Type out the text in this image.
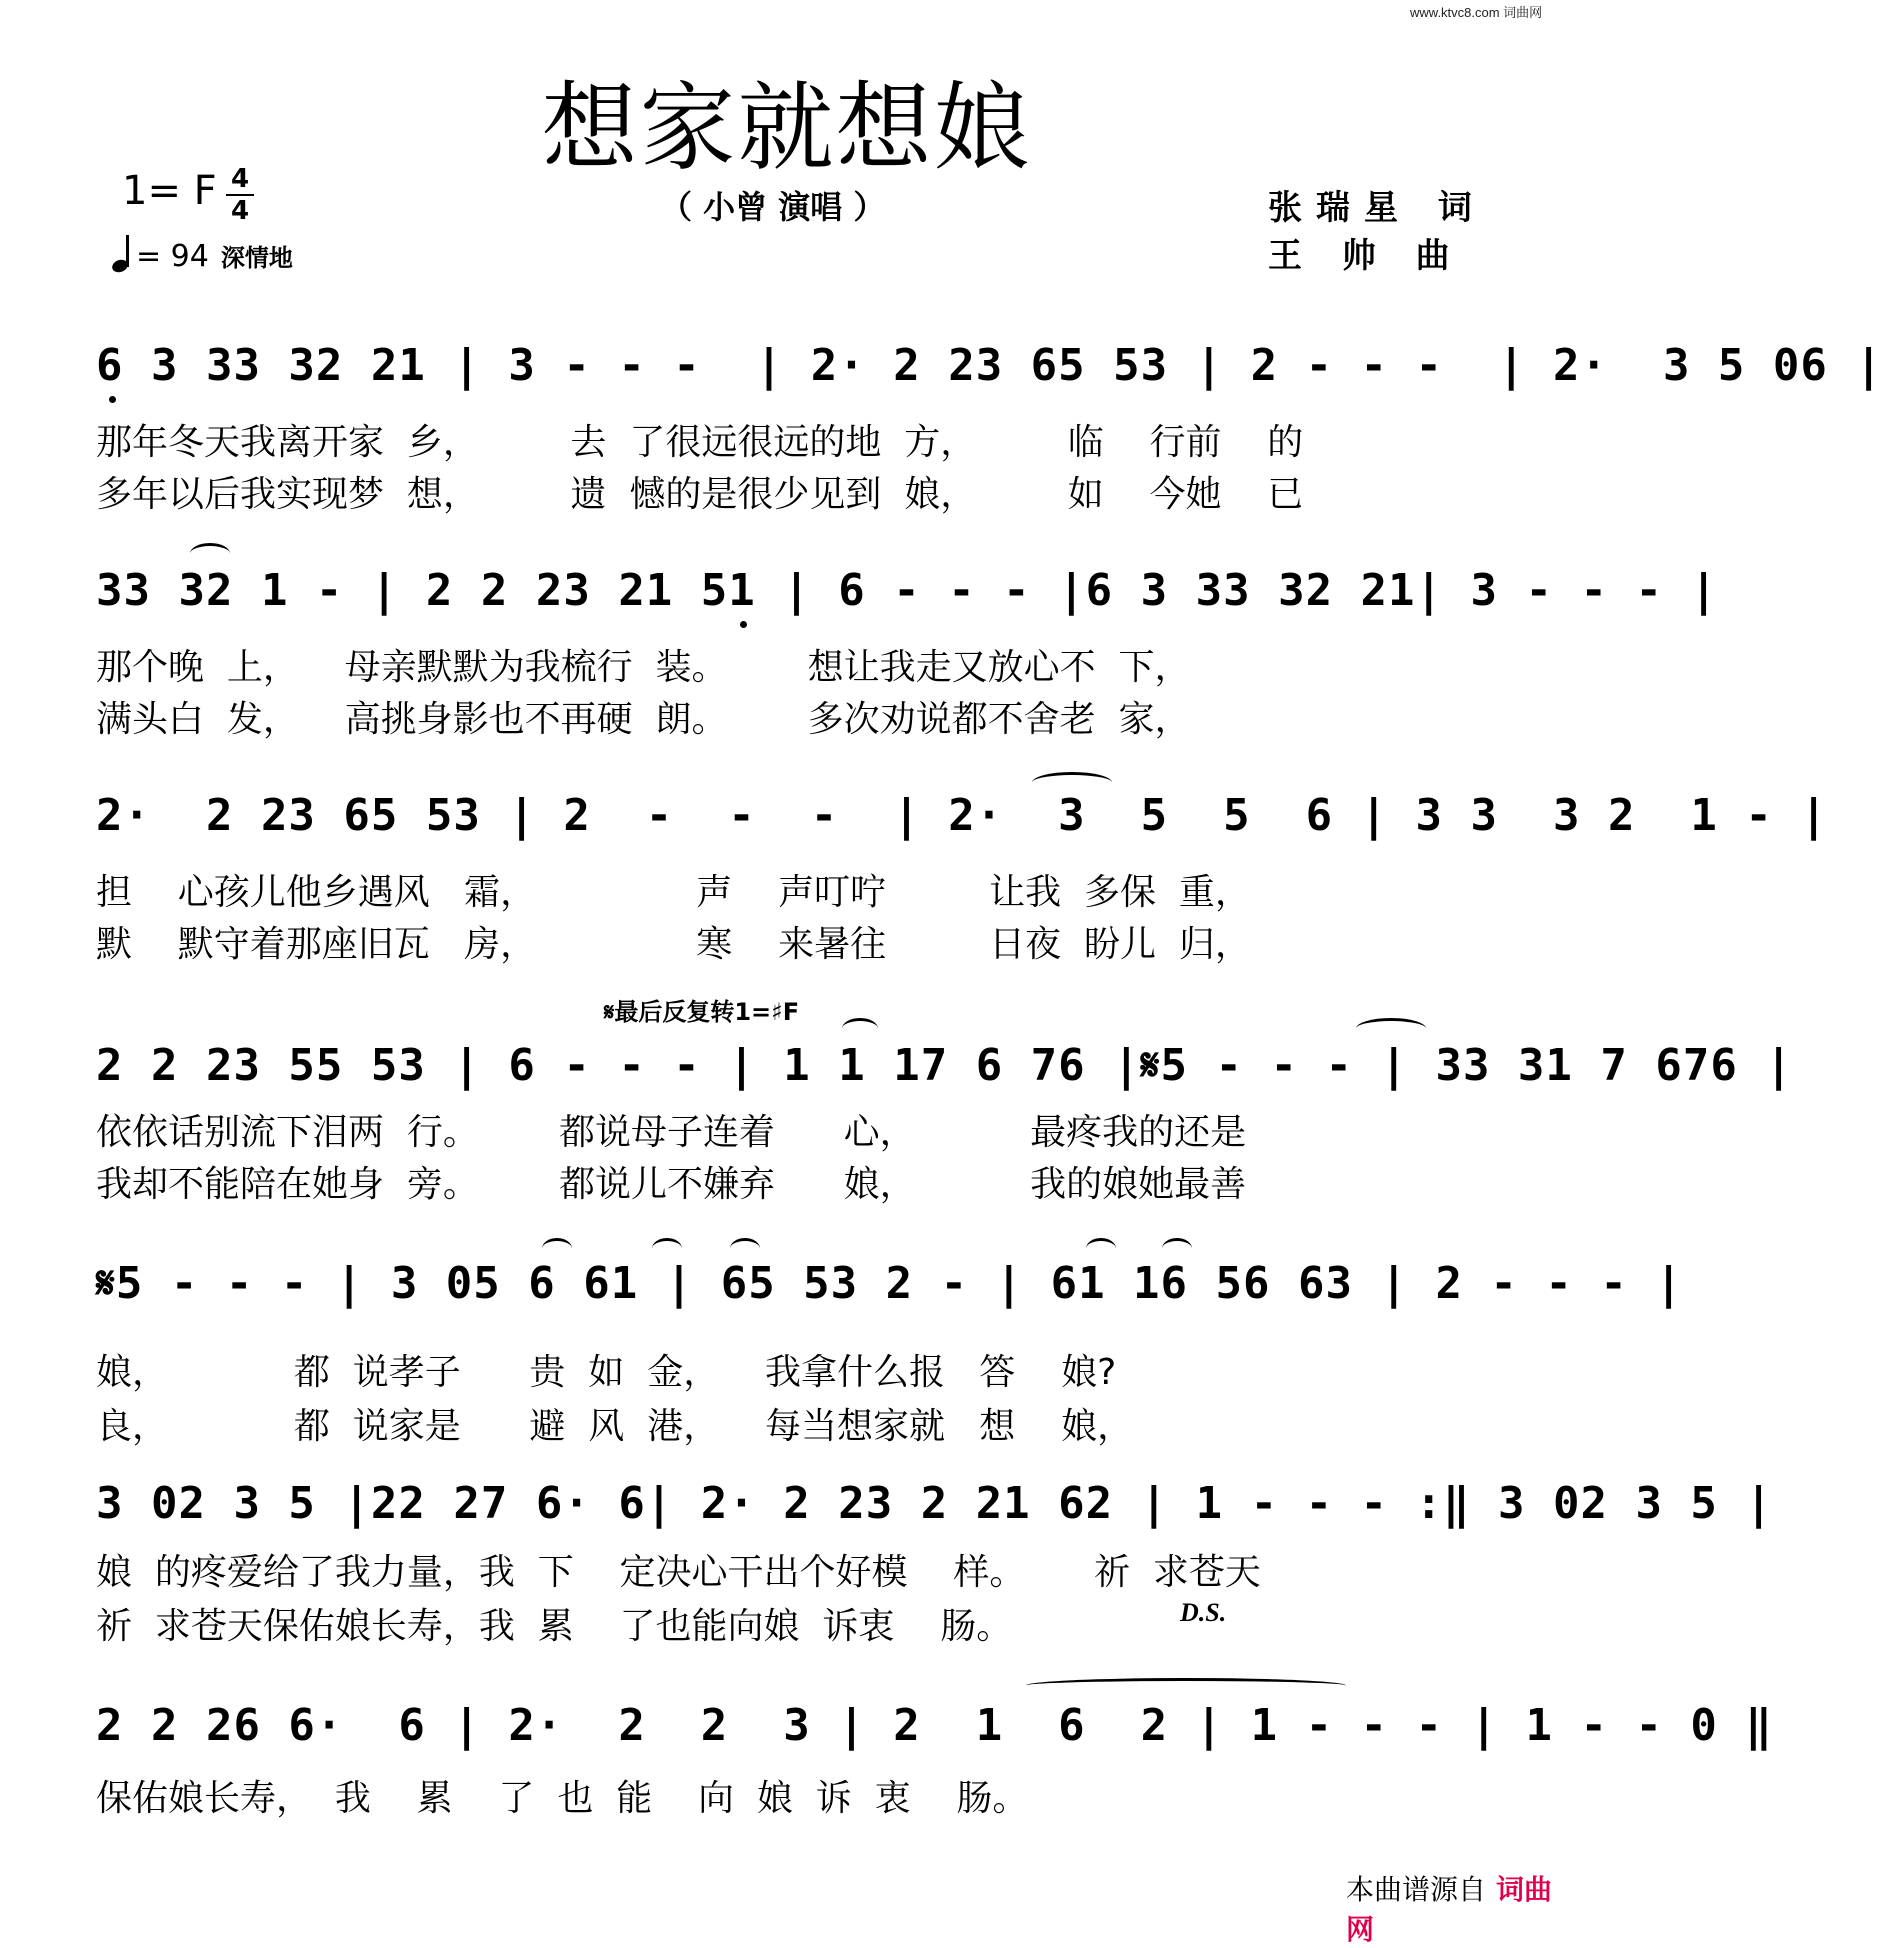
www.ktvc8.com 词曲网
想家就想娘
1= F 4
4	（ 小曾 演唱 ）
= 94 深情地
张瑞星 词
王 帅 曲
6 3 33 32 21 | 3 - - -  | 2· 2 23 65 53 | 2 - - -  | 2·  3 5 06 |
那年冬天我离开家  乡，        去  了很远很远的地  方，        临    行前    的
多年以后我实现梦  想，        遗  憾的是很少见到  娘，        如    今她    已
33 32 1 - | 2 2 23 21 51 | 6 - - - |6 3 33 32 21| 3 - - - |
那个晚  上，    母亲默默为我梳行  装。       想让我走又放心不  下，
满头白  发，    高挑身影也不再硬  朗。       多次劝说都不舍老  家，
2·  2 23 65 53 | 2  -  -  -  | 2·  3  5  5  6 | 3 3  3 2  1 - |
担    心孩儿他乡遇风   霜，              声    声叮咛         让我  多保  重，
默    默守着那座旧瓦   房，              寒    来暑往         日夜  盼儿  归，
𝄋最后反复转1=♯F
2 2 23 55 53 | 6 - - - | 1 1 17 6 76 |𝄋5 - - - | 33 31 7 676 |
依依话别流下泪两  行。       都说母子连着      心，          最疼我的还是
我却不能陪在她身  旁。       都说儿不嫌弃      娘，          我的娘她最善
𝄋5 - - - | 3 05 6 61 | 65 53 2 - | 61 16 56 63 | 2 - - - |
娘，           都  说孝子      贵  如  金，    我拿什么报   答    娘?
良，           都  说家是      避  风  港，    每当想家就   想    娘，
3 02 3 5 |22 27 6· 6| 2· 2 23 2 21 62 | 1 - - - :‖ 3 02 3 5 |
娘  的疼爱给了我力量，我  下    定决心干出个好模    样。      祈  求苍天
祈  求苍天保佑娘长寿，我  累    了也能向娘  诉衷    肠。	D.S.
2 2 26 6·  6 | 2·  2  2  3 | 2  1  6  2 | 1 - - - | 1 - - 0 ‖
保佑娘长寿，  我    累    了  也  能    向  娘  诉  衷    肠。
本曲谱源自 词曲网
